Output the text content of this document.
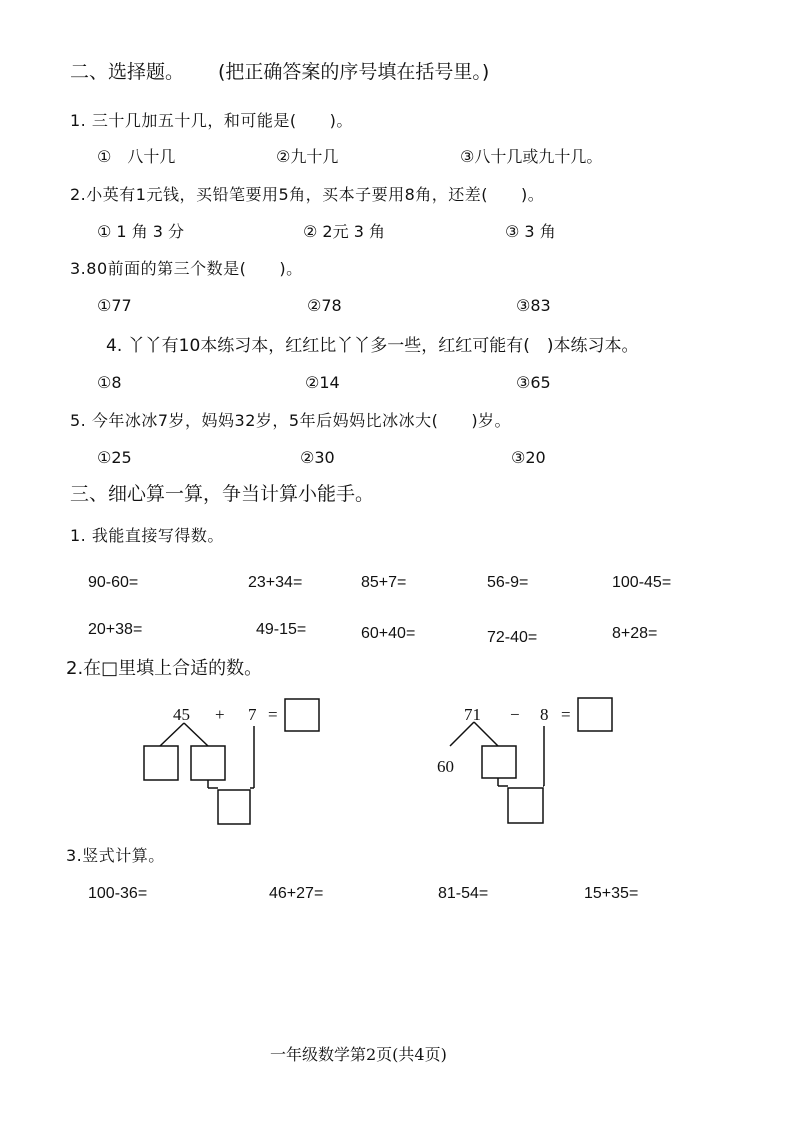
二、选择题。 (把正确答案的序号填在括号里。)
1. 三十几加五十几，和可能是(　　)。
①　八十几	②九十几	③八十几或九十几。
2.小英有1元钱，买铅笔要用5角，买本子要用8角，还差(　　)。
① 1 角 3 分	② 2元 3 角	③ 3 角
3.80前面的第三个数是(　　)。
①77	②78	③83
4. 丫丫有10本练习本，红红比丫丫多一些，红红可能有(　)本练习本。
①8	②14	③65
5. 今年冰冰7岁，妈妈32岁，5年后妈妈比冰冰大(　　)岁。
①25	②30	③20
三、细心算一算，争当计算小能手。
1. 我能直接写得数。
90-60=	23+34=	85+7=	56-9=	100-45=
20+38=	49-15=	60+40=	72-40=	8+28=
2.在□里填上合适的数。
45 + 7 =	71 − 8 =
60
3.竖式计算。
100-36=	46+27=	81-54=	15+35=
一年级数学第2页(共4页)
